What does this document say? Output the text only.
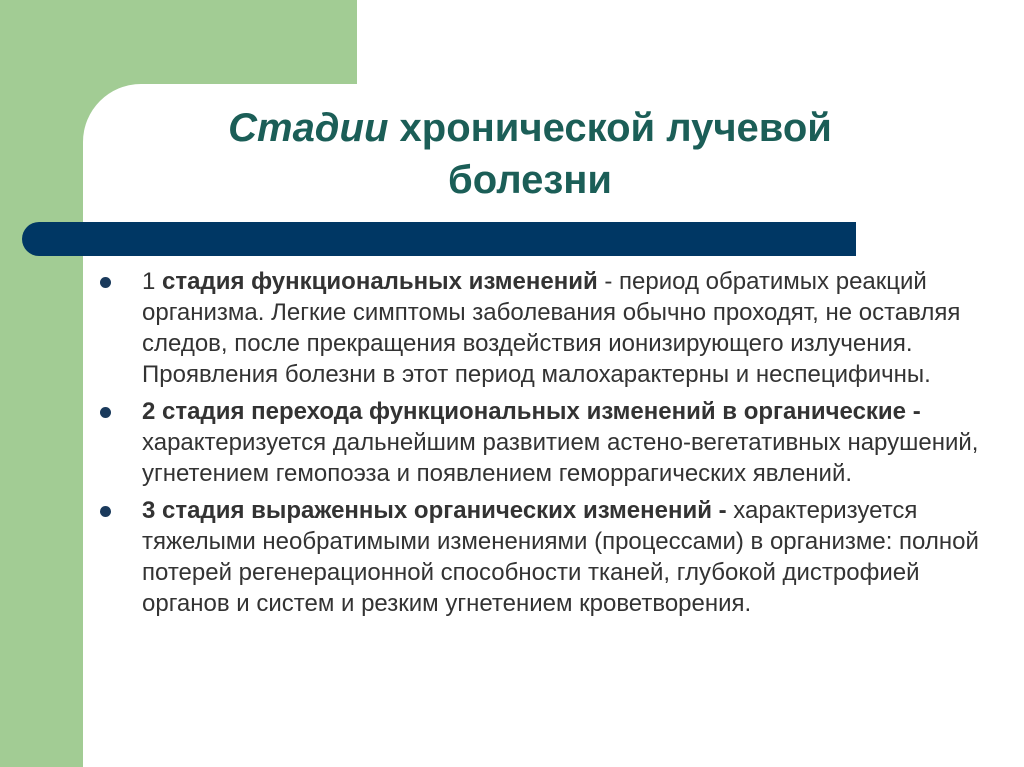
Стадии хронической лучевой
болезни
1 стадия функциональных изменений - период обратимых реакций организма. Легкие симптомы заболевания обычно проходят, не оставляя следов, после прекращения воздействия ионизирующего излучения. Проявления болезни в этот период малохарактерны и неспецифичны.
2 стадия перехода функциональных изменений в органические - характеризуется дальнейшим развитием астено-вегетативных нарушений, угнетением гемопоэза и появлением геморрагических явлений.
3 стадия выраженных органических изменений - характеризуется тяжелыми необратимыми изменениями (процессами) в организме: полной потерей регенерационной способности тканей, глубокой дистрофией органов и систем и резким угнетением кроветворения.
